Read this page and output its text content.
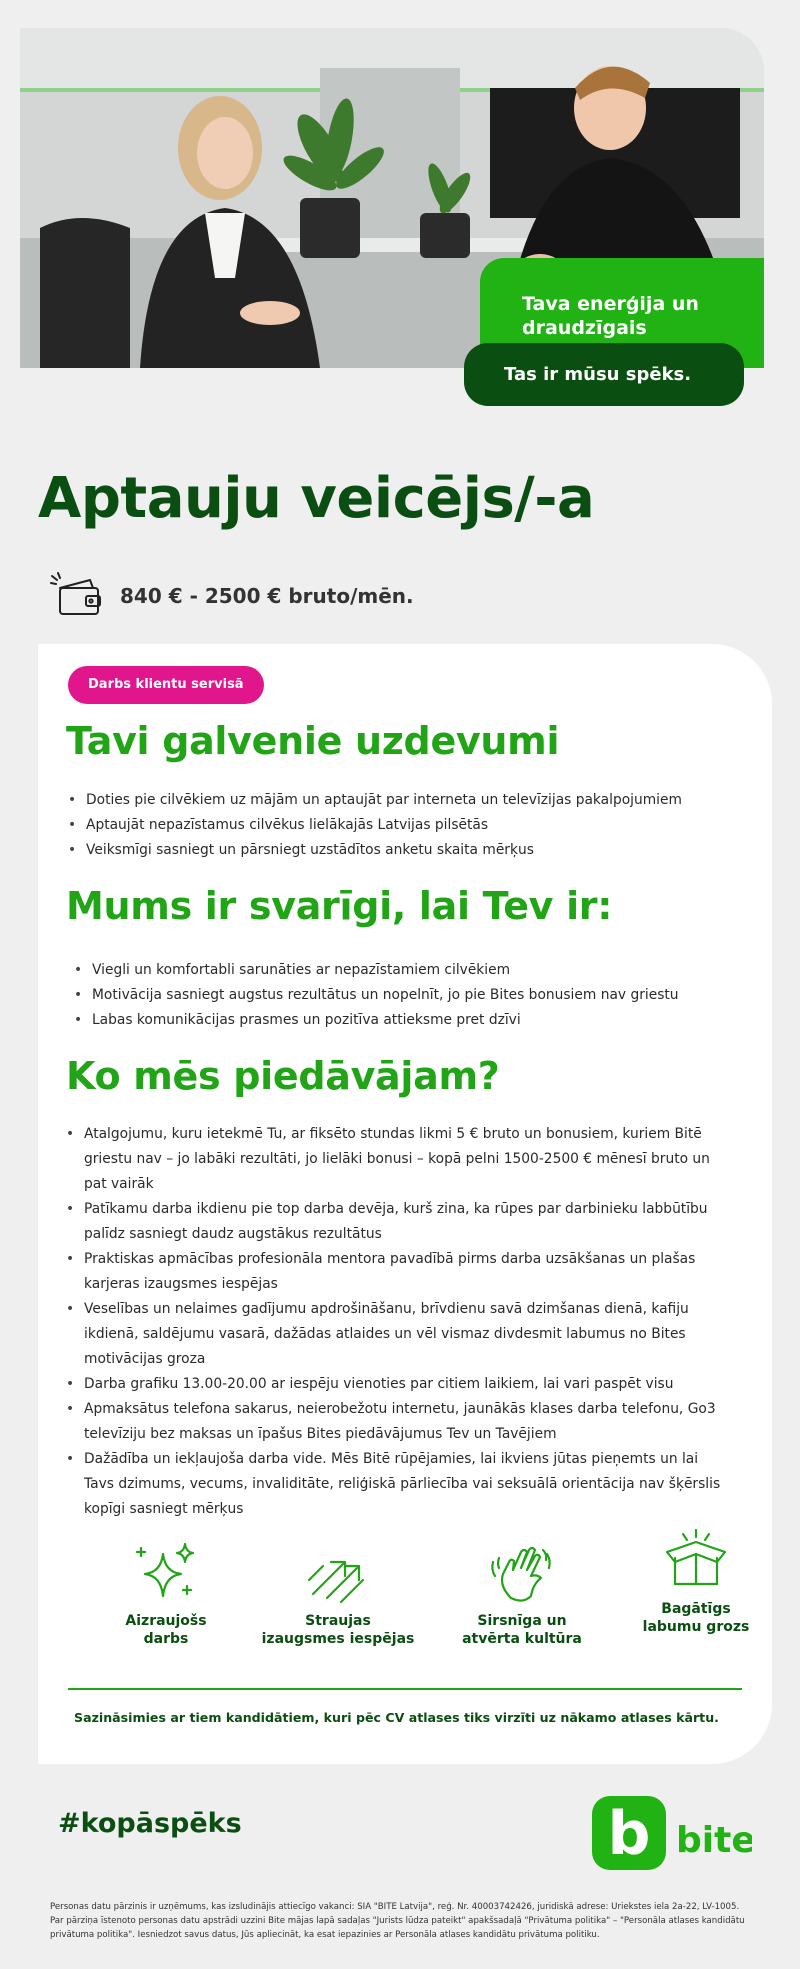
Tava enerģija un draudzīgais
Tas ir mūsu spēks.
Aptauju veicējs/-a
840 € - 2500 € bruto/mēn.
Darbs klientu servisā
Tavi galvenie uzdevumi
• Doties pie cilvēkiem uz mājām un aptaujāt par interneta un televīzijas pakalpojumiem
• Aptaujāt nepazīstamus cilvēkus lielākajās Latvijas pilsētās
• Veiksmīgi sasniegt un pārsniegt uzstādītos anketu skaita mērķus
Mums ir svarīgi, lai Tev ir:
• Viegli un komfortabli sarunāties ar nepazīstamiem cilvēkiem
• Motivācija sasniegt augstus rezultātus un nopelnīt, jo pie Bites bonusiem nav griestu
• Labas komunikācijas prasmes un pozitīva attieksme pret dzīvi
Ko mēs piedāvājam?
• Atalgojumu, kuru ietekmē Tu, ar fiksēto stundas likmi 5 € bruto un bonusiem, kuriem Bitē griestu nav – jo labāki rezultāti, jo lielāki bonusi – kopā pelni 1500-2500 € mēnesī bruto un pat vairāk
• Patīkamu darba ikdienu pie top darba devēja, kurš zina, ka rūpes par darbinieku labbūtību palīdz sasniegt daudz augstākus rezultātus
• Praktiskas apmācības profesionāla mentora pavadībā pirms darba uzsākšanas un plašas karjeras izaugsmes iespējas
• Veselības un nelaimes gadījumu apdrošināšanu, brīvdienu savā dzimšanas dienā, kafiju ikdienā, saldējumu vasarā, dažādas atlaides un vēl vismaz divdesmit labumus no Bites motivācijas groza
• Darba grafiku 13.00-20.00 ar iespēju vienoties par citiem laikiem, lai vari paspēt visu
• Apmaksātus telefona sakarus, neierobežotu internetu, jaunākās klases darba telefonu, Go3 televīziju bez maksas un īpašus Bites piedāvājumus Tev un Tavējiem
• Dažādība un iekļaujoša darba vide. Mēs Bitē rūpējamies, lai ikviens jūtas pieņemts un lai Tavs dzimums, vecums, invaliditāte, reliģiskā pārliecība vai seksuālā orientācija nav šķērslis kopīgi sasniegt mērķus
Aizraujošs
darbs
Straujas
izaugsmes iespējas
Sirsnīga un
atvērta kultūra
Bagātīgs
labumu grozs
Sazināsimies ar tiem kandidātiem, kuri pēc CV atlases tiks virzīti uz nākamo atlases kārtu.
#kopāspēks	b bite
Personas datu pārzinis ir uzņēmums, kas izsludinājis attiecīgo vakanci: SIA "BITE Latvija", reģ. Nr. 40003742426, juridiskā adrese: Uriekstes iela 2a-22, LV-1005. Par pārziņa īstenoto personas datu apstrādi uzzini Bite mājas lapā sadaļas "Jurists lūdza pateikt" apakšsadaļā "Privātuma politika" – "Personāla atlases kandidātu privātuma politika". Iesniedzot savus datus, Jūs apliecināt, ka esat iepazinies ar Personāla atlases kandidātu privātuma politiku.
